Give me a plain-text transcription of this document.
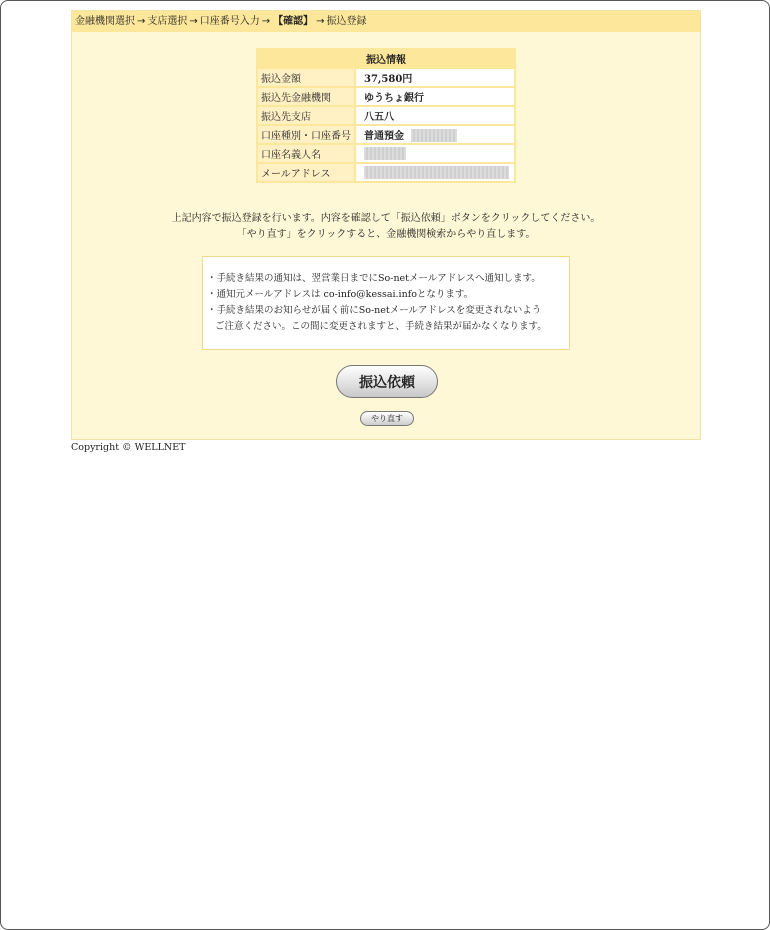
金融機関選択 → 支店選択 → 口座番号入力 → 【確認】 → 振込登録
振込情報	
振込金額	37,580円
振込先金融機関	ゆうちょ銀行
振込先支店	八五八
口座種別・口座番号	普通預金
口座名義人名	
メールアドレス	
上記内容で振込登録を行います。内容を確認して「振込依頼」ボタンをクリックしてください。
「やり直す」をクリックすると、金融機関検索からやり直します。
・手続き結果の通知は、翌営業日までにSo-netメールアドレスへ通知します。
・通知元メールアドレスは co-info@kessai.infoとなります。
・手続き結果のお知らせが届く前にSo-netメールアドレスを変更されないよう
ご注意ください。この間に変更されますと、手続き結果が届かなくなります。
振込依頼
やり直す
Copyright © WELLNET
